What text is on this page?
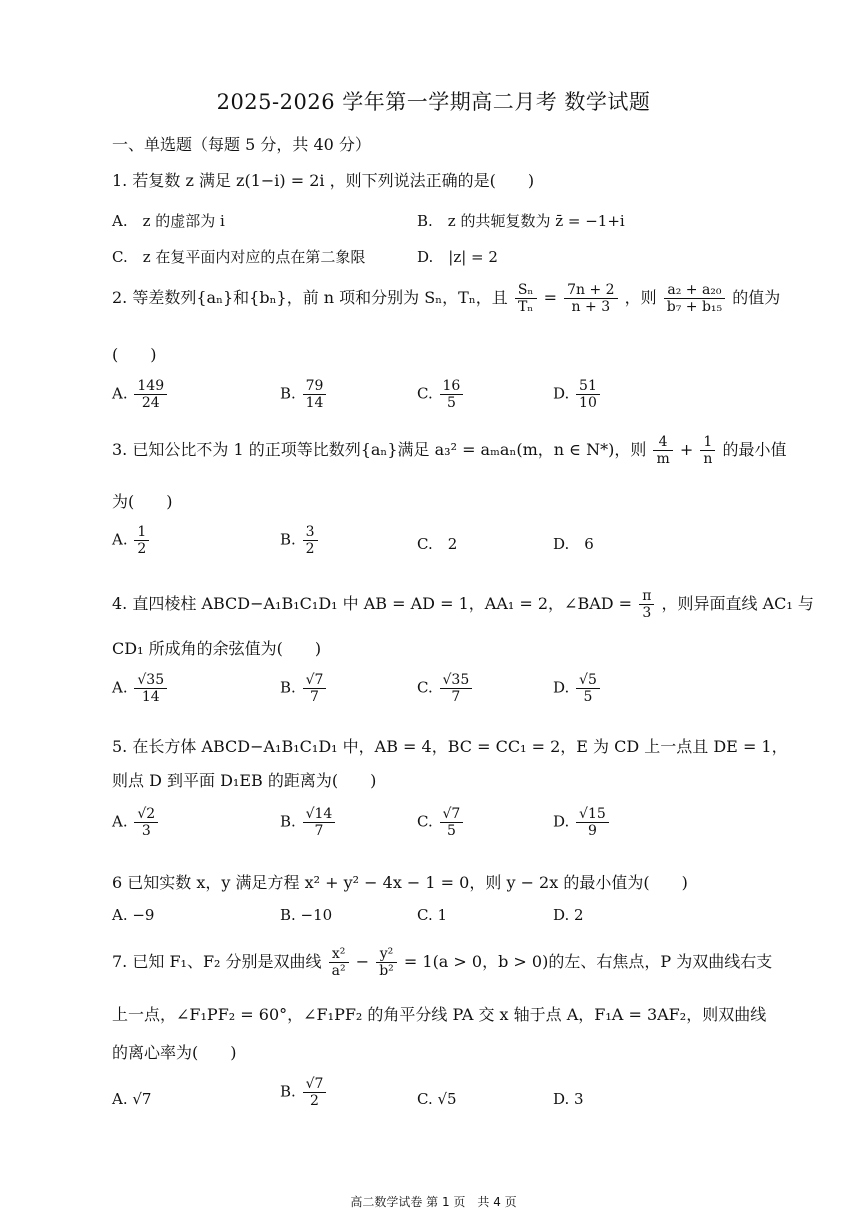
2025-2026 学年第一学期高二月考 数学试题
一、单选题（每题 5 分，共 40 分）
1. 若复数 z 满足 z(1−i) = 2i ，则下列说法正确的是(　　)
A.　z 的虚部为 i	B.　z 的共轭复数为 z̄ = −1+i
C.　z 在复平面内对应的点在第二象限	D.　|z| = 2
2. 等差数列{aₙ}和{bₙ}，前 n 项和分别为 Sₙ，Tₙ，且 $\frac{\text{Sₙ}}{\text{Tₙ}} = \frac{7n + 2}{n + 3}$ ，则 $\frac{\text{a₂ + a₂₀}}{\text{b₇ + b₁₅}}$ 的值为
(　　)
A. $\frac{149}{24}$	B. $\frac{79}{14}$	C. $\frac{16}{5}$	D. $\frac{51}{10}$
3. 已知公比不为 1 的正项等比数列{aₙ}满足 a₃² = aₘaₙ(m，n ∈ N*)，则 $\frac{4}{m} + \frac{1}{n}$ 的最小值
为(　　)
A. $\frac{1}{2}$	B. $\frac{3}{2}$	C.　2	D.　6
4. 直四棱柱 ABCD−A₁B₁C₁D₁ 中 AB = AD = 1，AA₁ = 2，∠BAD = $\frac{\pi}{3}$ ，则异面直线 AC₁ 与
CD₁ 所成角的余弦值为(　　)
A. $\frac{√35}{14}$	B. $\frac{√7}{7}$	C. $\frac{√35}{7}$	D. $\frac{√5}{5}$
5. 在长方体 ABCD−A₁B₁C₁D₁ 中，AB = 4，BC = CC₁ = 2，E 为 CD 上一点且 DE = 1，
则点 D 到平面 D₁EB 的距离为(　　)
A. $\frac{√2}{3}$	B. $\frac{√14}{7}$	C. $\frac{√7}{5}$	D. $\frac{√15}{9}$
6 已知实数 x，y 满足方程 x² + y² − 4x − 1 = 0，则 y − 2x 的最小值为(　　)
A. −9	B. −10	C. 1	D. 2
7. 已知 F₁、F₂ 分别是双曲线 $\frac{\text{x²}}{\text{a²}} - \frac{\text{y²}}{\text{b²}} = 1(a > 0$，b > 0)的左、右焦点，P 为双曲线右支
上一点，∠F₁PF₂ = 60°，∠F₁PF₂ 的角平分线 PA 交 x 轴于点 A，F₁A = 3AF₂，则双曲线
的离心率为(　　)
A. √7	B. $\frac{√7}{2}$	C. √5	D. 3
高二数学试卷 第 1 页　共 4 页
